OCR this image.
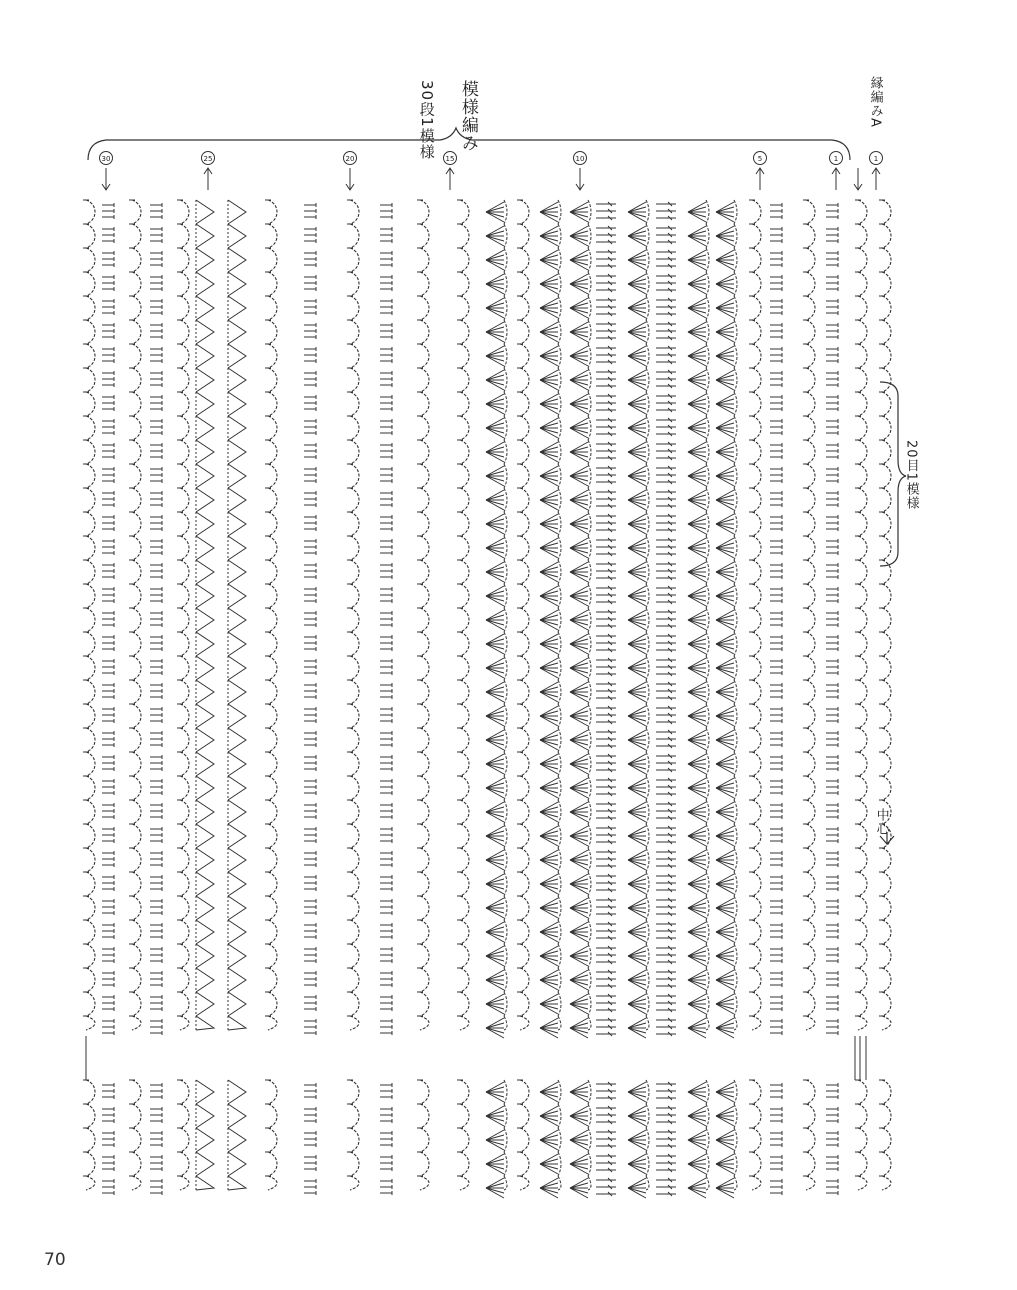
30	25	20	15	10	5	1	1
模様編み
30段1模様
20目1模様
縁編みA
中心
70
